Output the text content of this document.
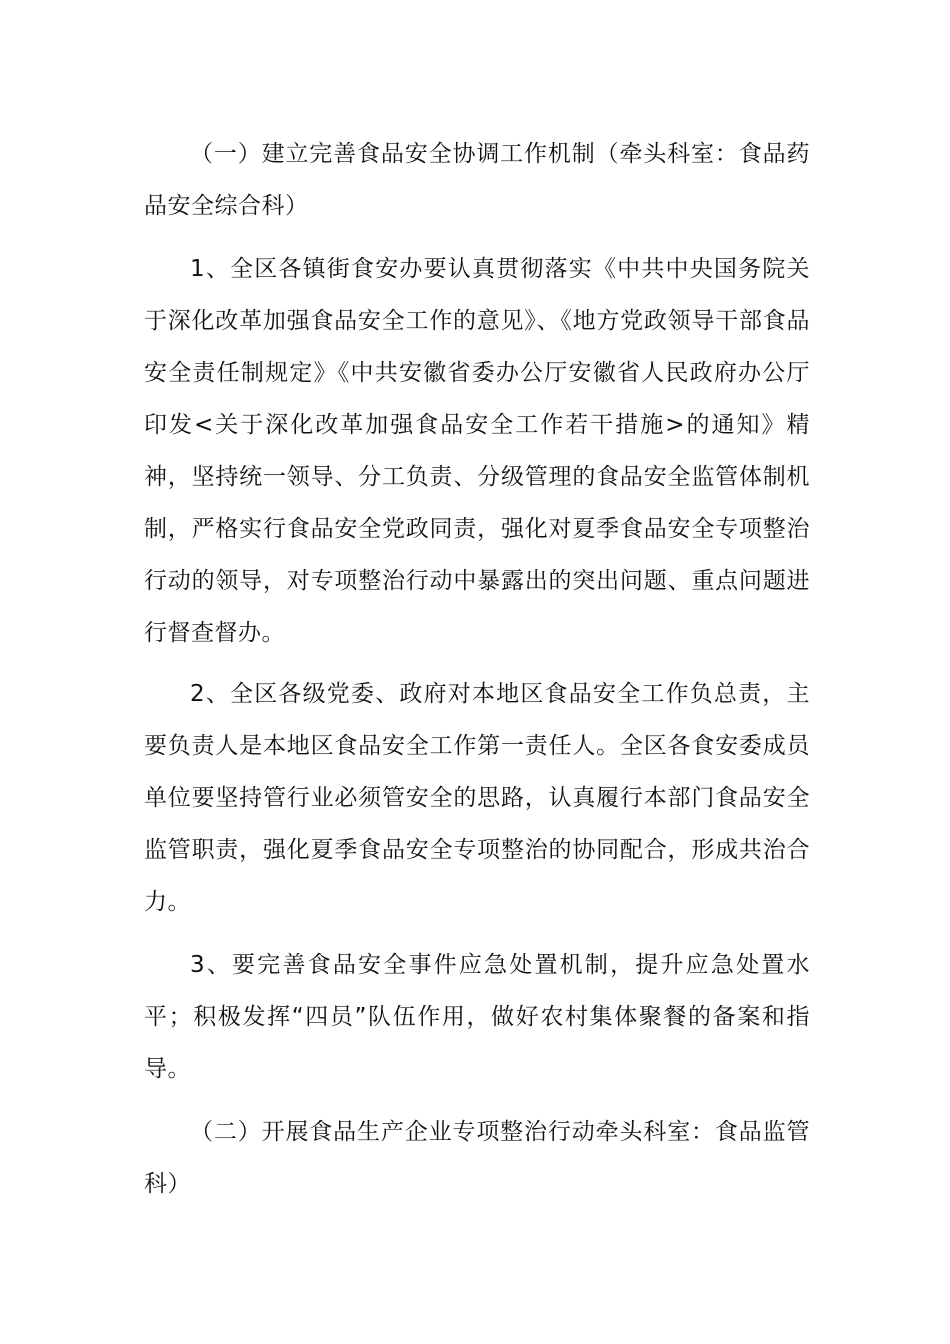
（一）建立完善食品安全协调工作机制（牵头科室：食品药品安全综合科）

1、全区各镇街食安办要认真贯彻落实《中共中央国务院关于深化改革加强食品安全工作的意见》、《地方党政领导干部食品安全责任制规定》《中共安徽省委办公厅安徽省人民政府办公厅印发<关于深化改革加强食品安全工作若干措施>的通知》精神，坚持统一领导、分工负责、分级管理的食品安全监管体制机制，严格实行食品安全党政同责，强化对夏季食品安全专项整治行动的领导，对专项整治行动中暴露出的突出问题、重点问题进行督查督办。

2、全区各级党委、政府对本地区食品安全工作负总责，主要负责人是本地区食品安全工作第一责任人。全区各食安委成员单位要坚持管行业必须管安全的思路，认真履行本部门食品安全监管职责，强化夏季食品安全专项整治的协同配合，形成共治合力。

3、要完善食品安全事件应急处置机制，提升应急处置水平；积极发挥“四员”队伍作用，做好农村集体聚餐的备案和指导。

（二）开展食品生产企业专项整治行动牵头科室：食品监管科）
